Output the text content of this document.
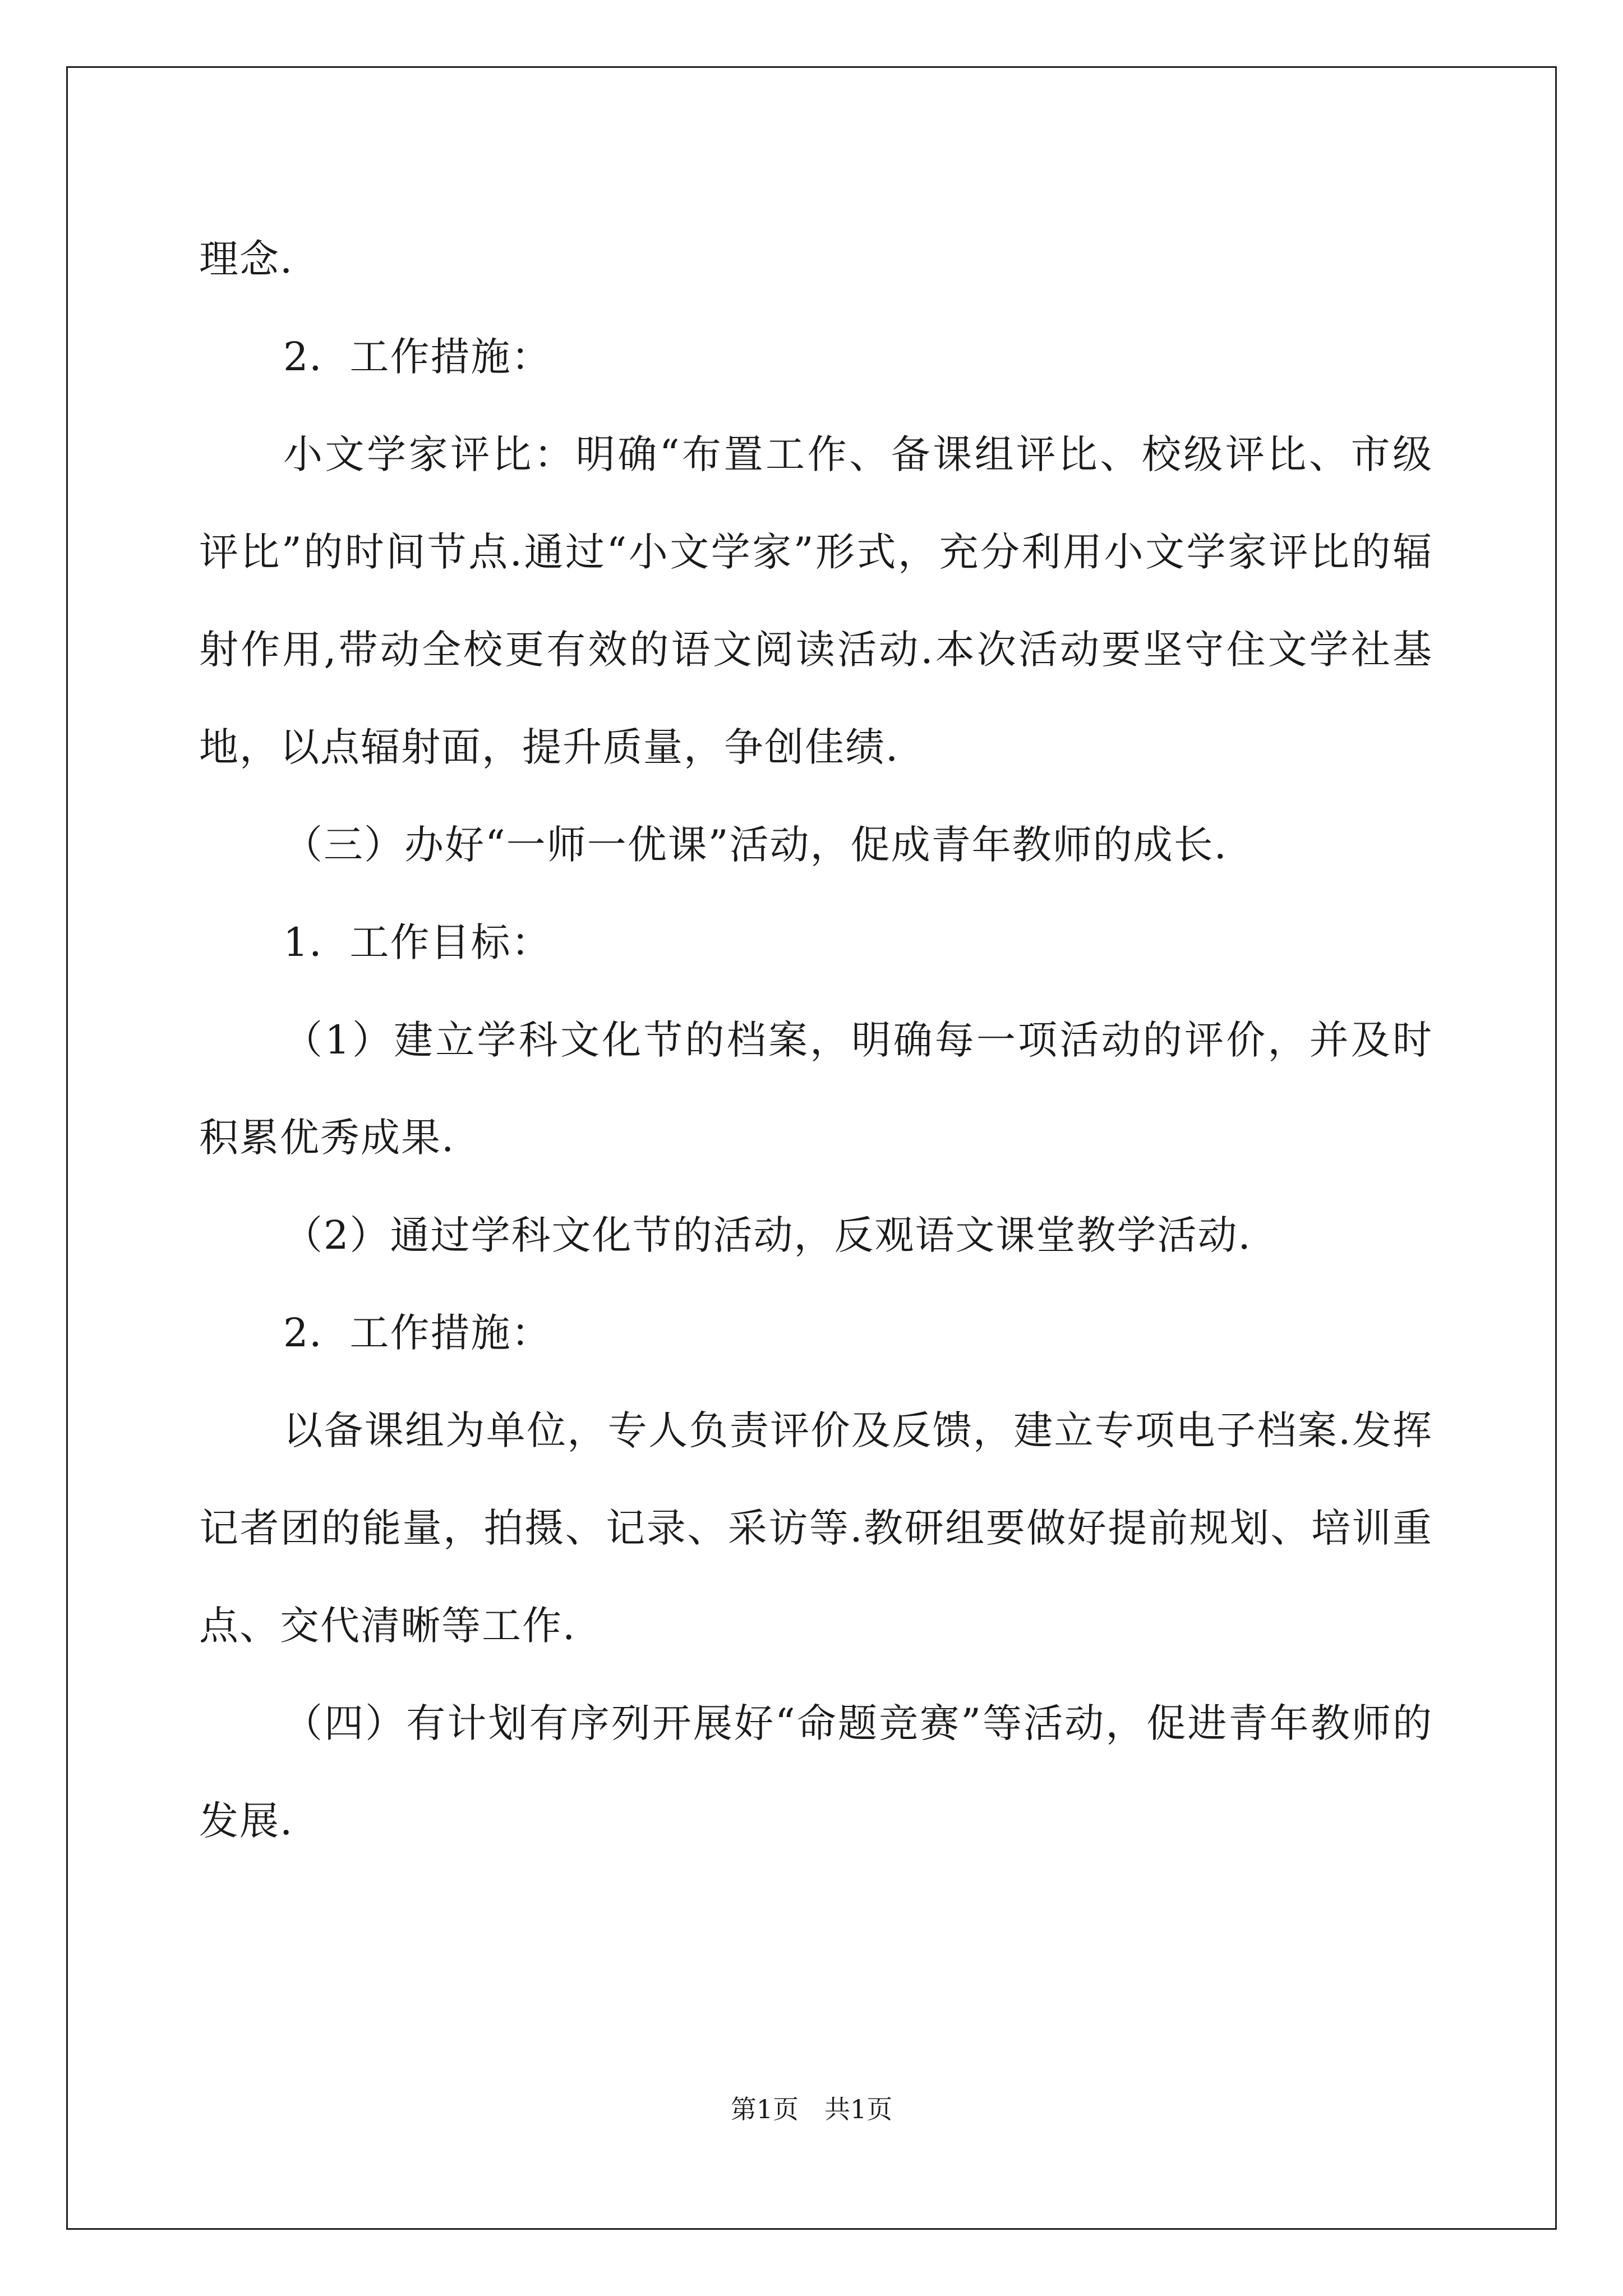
理念.

2．工作措施：

小文学家评比：明确“布置工作、备课组评比、校级评比、市级评比”的时间节点.通过“小文学家”形式，充分利用小文学家评比的辐射作用,带动全校更有效的语文阅读活动.本次活动要坚守住文学社基地，以点辐射面，提升质量，争创佳绩.

（三）办好“一师一优课”活动，促成青年教师的成长.

1．工作目标：

（1）建立学科文化节的档案，明确每一项活动的评价，并及时积累优秀成果.

（2）通过学科文化节的活动，反观语文课堂教学活动.

2．工作措施：

以备课组为单位，专人负责评价及反馈，建立专项电子档案.发挥记者团的能量，拍摄、记录、采访等.教研组要做好提前规划、培训重点、交代清晰等工作.

（四）有计划有序列开展好“命题竞赛”等活动，促进青年教师的发展.

第1页　共1页
